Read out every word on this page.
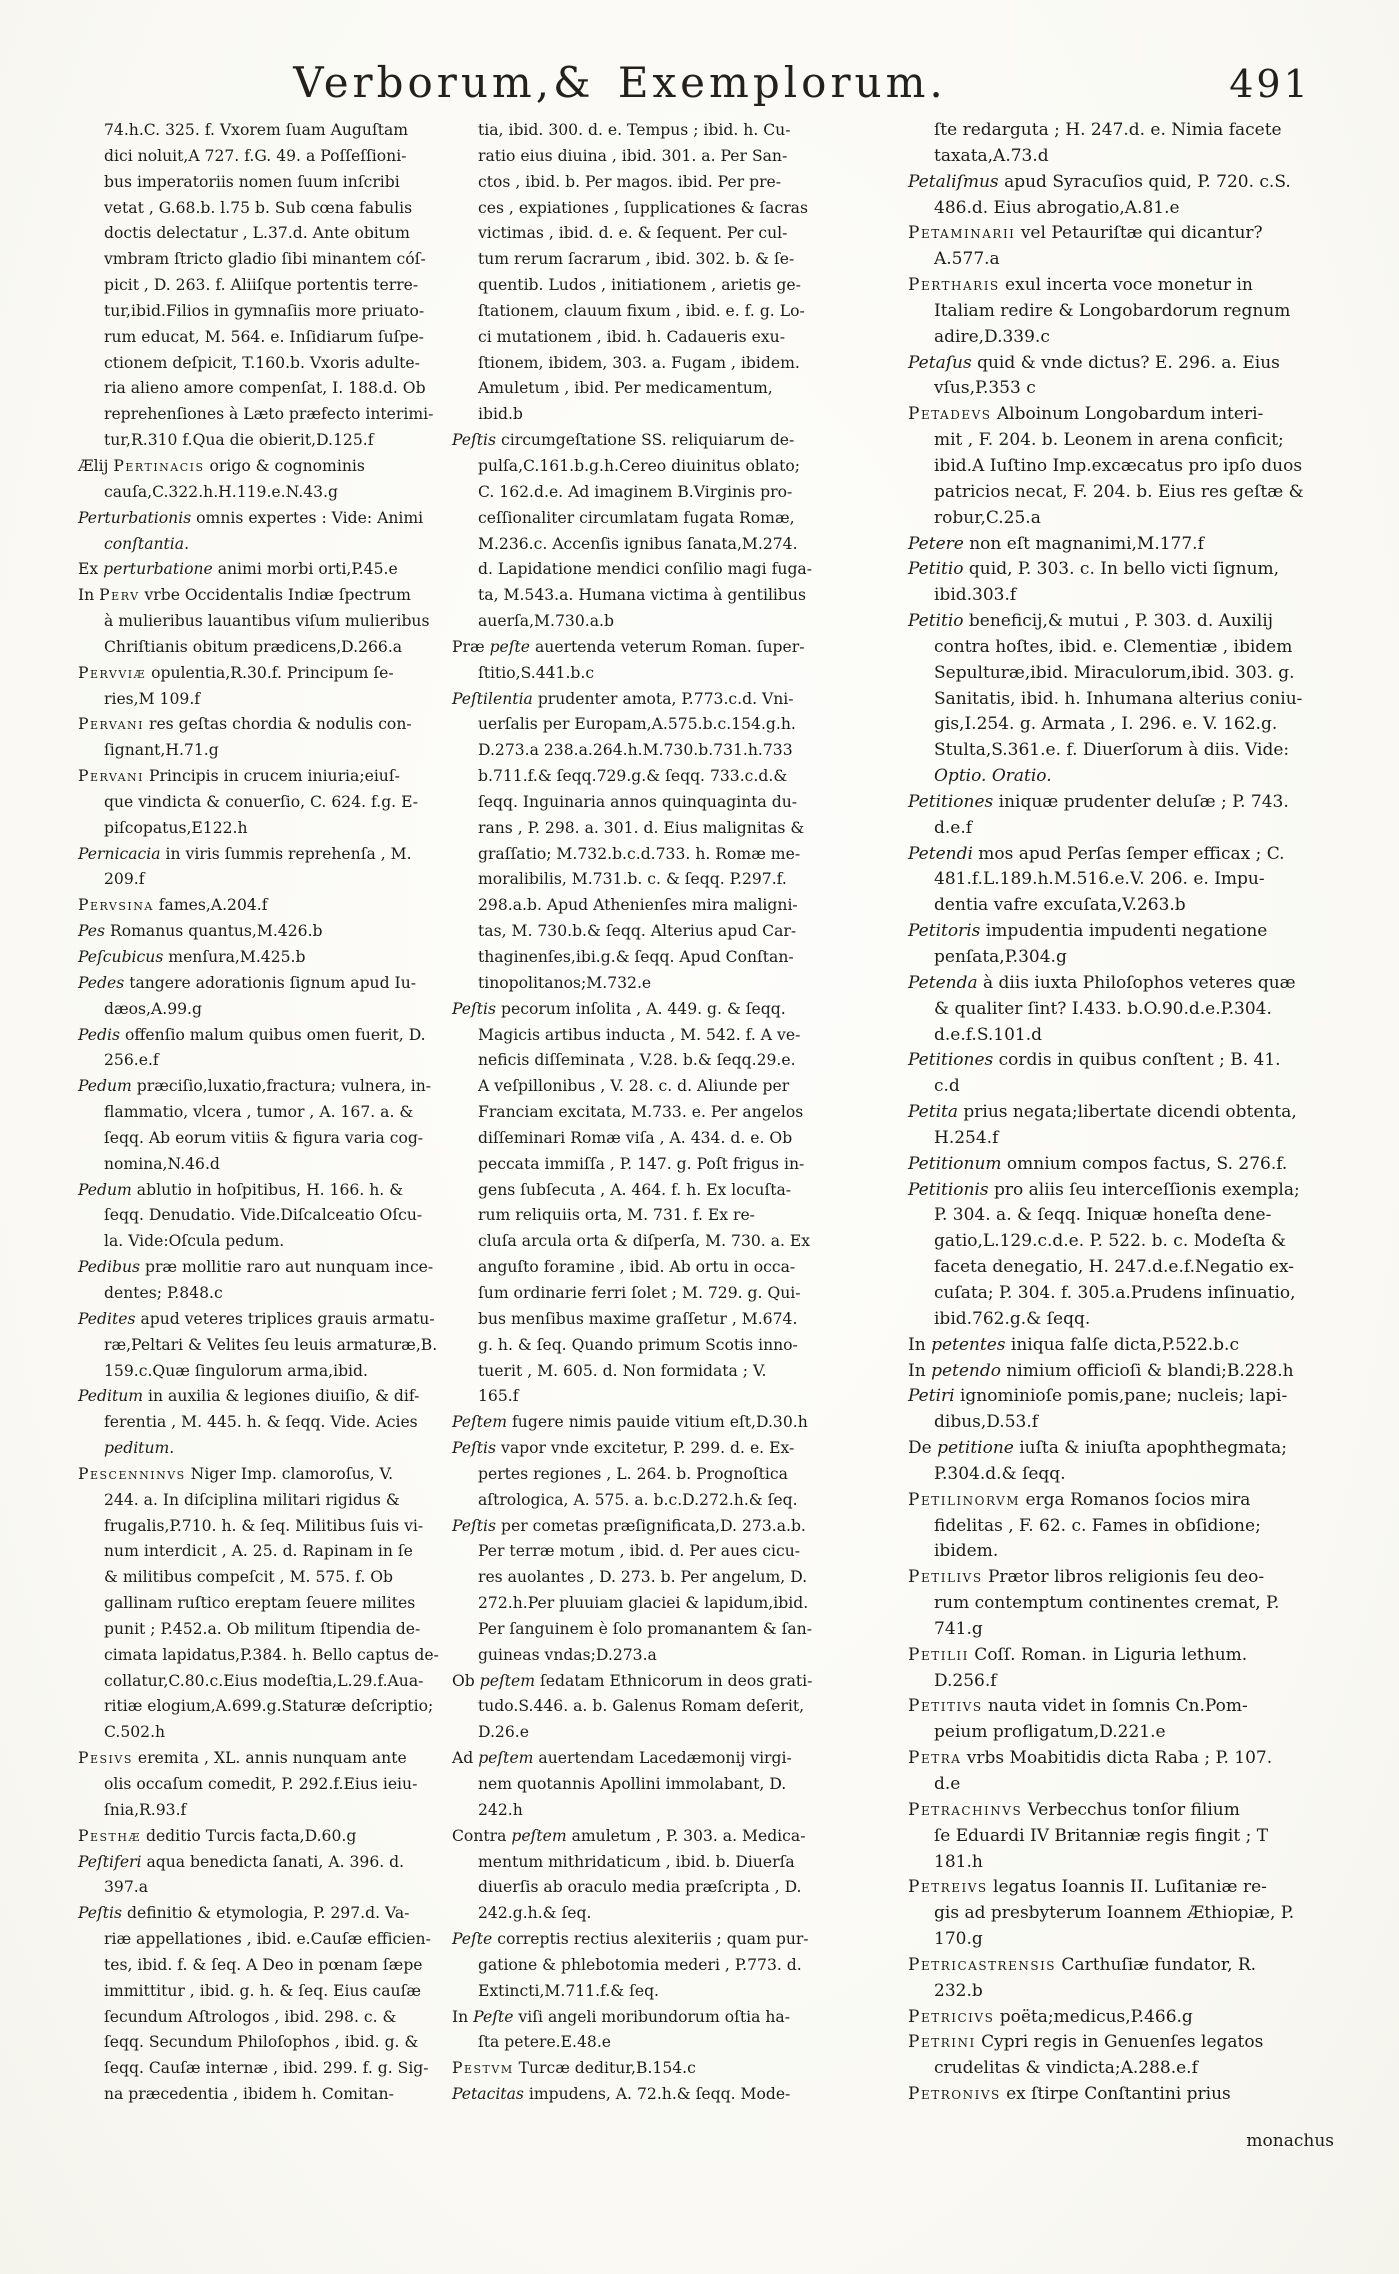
Verborum,& Exemplorum.	491
74.h.C. 325. f. Vxorem ſuam Auguſtam
dici noluit,A 727. f.G. 49. a Poſſeſſioni-
bus imperatoriis nomen ſuum inſcribi
vetat , G.68.b. l.75 b. Sub cœna fabulis
doctis delectatur , L.37.d. Ante obitum
vmbram ſtricto gladio ſibi minantem cóſ-
picit , D. 263. f. Aliiſque portentis terre-
tur,ibid.Filios in gymnaſiis more priuato-
rum educat, M. 564. e. Inſidiarum ſuſpe-
ctionem deſpicit, T.160.b. Vxoris adulte-
ria alieno amore compenſat, I. 188.d. Ob
reprehenſiones à Læto præfecto interimi-
tur,R.310 f.Qua die obierit,D.125.f
Ælij Pertinacis origo & cognominis
cauſa,C.322.h.H.119.e.N.43.g
Perturbationis omnis expertes : Vide: Animi
conſtantia.
Ex perturbatione animi morbi orti,P.45.e
In Perv vrbe Occidentalis Indiæ ſpectrum
à mulieribus lauantibus viſum mulieribus
Chriſtianis obitum prædicens,D.266.a
Pervviæ opulentia,R.30.f. Principum ſe-
ries,M 109.f
Pervani res geſtas chordia & nodulis con-
ſignant,H.71.g
Pervani Principis in crucem iniuria;eiuſ-
que vindicta & conuerſio, C. 624. f.g. E-
piſcopatus,E122.h
Pernicacia in viris ſummis reprehenſa , M.
209.f
Pervsina fames,A.204.f
Pes Romanus quantus,M.426.b
Peſcubicus menſura,M.425.b
Pedes tangere adorationis ſignum apud Iu-
dæos,A.99.g
Pedis offenſio malum quibus omen fuerit, D.
256.e.f
Pedum præciſio,luxatio,fractura; vulnera, in-
flammatio, vlcera , tumor , A. 167. a. &
ſeqq. Ab eorum vitiis & figura varia cog-
nomina,N.46.d
Pedum ablutio in hoſpitibus, H. 166. h. &
ſeqq. Denudatio. Vide.Diſcalceatio Oſcu-
la. Vide:Oſcula pedum.
Pedibus præ mollitie raro aut nunquam ince-
dentes; P.848.c
Pedites apud veteres triplices grauis armatu-
ræ,Peltari & Velites ſeu leuis armaturæ,B.
159.c.Quæ ſingulorum arma,ibid.
Peditum in auxilia & legiones diuiſio, & dif-
ferentia , M. 445. h. & ſeqq. Vide. Acies
peditum.
Pescenninvs Niger Imp. clamoroſus, V.
244. a. In diſciplina militari rigidus &
frugalis,P.710. h. & ſeq. Militibus ſuis vi-
num interdicit , A. 25. d. Rapinam in ſe
& militibus compeſcit , M. 575. f. Ob
gallinam ruſtico ereptam ſeuere milites
punit ; P.452.a. Ob militum ſtipendia de-
cimata lapidatus,P.384. h. Bello captus de-
collatur,C.80.c.Eius modeſtia,L.29.f.Aua-
ritiæ elogium,A.699.g.Staturæ deſcriptio;
C.502.h
Pesivs eremita , XL. annis nunquam ante
olis occaſum comedit, P. 292.f.Eius ieiu-
ſnia,R.93.f
Pesthæ deditio Turcis facta,D.60.g
Peſtiferi aqua benedicta ſanati, A. 396. d.
397.a
Peſtis definitio & etymologia, P. 297.d. Va-
riæ appellationes , ibid. e.Cauſæ efficien-
tes, ibid. f. & ſeq. A Deo in pœnam ſæpe
immittitur , ibid. g. h. & ſeq. Eius cauſæ
ſecundum Aſtrologos , ibid. 298. c. &
ſeqq. Secundum Philoſophos , ibid. g. &
ſeqq. Cauſæ internæ , ibid. 299. f. g. Sig-
na præcedentia , ibidem h. Comitan-
tia, ibid. 300. d. e. Tempus ; ibid. h. Cu-
ratio eius diuina , ibid. 301. a. Per San-
ctos , ibid. b. Per magos. ibid. Per pre-
ces , expiationes , ſupplicationes & ſacras
victimas , ibid. d. e. & ſequent. Per cul-
tum rerum ſacrarum , ibid. 302. b. & ſe-
quentib. Ludos , initiationem , arietis ge-
ſtationem, clauum fixum , ibid. e. f. g. Lo-
ci mutationem , ibid. h. Cadaueris exu-
ſtionem, ibidem, 303. a. Fugam , ibidem.
Amuletum , ibid. Per medicamentum,
ibid.b
Peſtis circumgeſtatione SS. reliquiarum de-
pulſa,C.161.b.g.h.Cereo diuinitus oblato;
C. 162.d.e. Ad imaginem B.Virginis pro-
ceſſionaliter circumlatam fugata Romæ,
M.236.c. Accenſis ignibus ſanata,M.274.
d. Lapidatione mendici conſilio magi fuga-
ta, M.543.a. Humana victima à gentilibus
auerſa,M.730.a.b
Præ peſte auertenda veterum Roman. ſuper-
ſtitio,S.441.b.c
Peſtilentia prudenter amota, P.773.c.d. Vni-
uerſalis per Europam,A.575.b.c.154.g.h.
D.273.a 238.a.264.h.M.730.b.731.h.733
b.711.f.& ſeqq.729.g.& ſeqq. 733.c.d.&
ſeqq. Inguinaria annos quinquaginta du-
rans , P. 298. a. 301. d. Eius malignitas &
graſſatio; M.732.b.c.d.733. h. Romæ me-
moralibilis, M.731.b. c. & ſeqq. P.297.f.
298.a.b. Apud Athenienſes mira maligni-
tas, M. 730.b.& ſeqq. Alterius apud Car-
thaginenſes,ibi.g.& ſeqq. Apud Conſtan-
tinopolitanos;M.732.e
Peſtis pecorum inſolita , A. 449. g. & ſeqq.
Magicis artibus inducta , M. 542. f. A ve-
neficis diſſeminata , V.28. b.& ſeqq.29.e.
A veſpillonibus , V. 28. c. d. Aliunde per
Franciam excitata, M.733. e. Per angelos
diſſeminari Romæ viſa , A. 434. d. e. Ob
peccata immiſſa , P. 147. g. Poſt frigus in-
gens ſubſecuta , A. 464. f. h. Ex locuſta-
rum reliquiis orta, M. 731. f. Ex re-
cluſa arcula orta & diſperſa, M. 730. a. Ex
anguſto foramine , ibid. Ab ortu in occa-
ſum ordinarie ferri ſolet ; M. 729. g. Qui-
bus menſibus maxime graſſetur , M.674.
g. h. & ſeq. Quando primum Scotis inno-
tuerit , M. 605. d. Non formidata ; V.
165.f
Peſtem fugere nimis pauide vitium eſt,D.30.h
Peſtis vapor vnde excitetur, P. 299. d. e. Ex-
pertes regiones , L. 264. b. Prognoſtica
aſtrologica, A. 575. a. b.c.D.272.h.& ſeq.
Peſtis per cometas præſignificata,D. 273.a.b.
Per terræ motum , ibid. d. Per aues cicu-
res auolantes , D. 273. b. Per angelum, D.
272.h.Per pluuiam glaciei & lapidum,ibid.
Per ſanguinem è ſolo promanantem & ſan-
guineas vndas;D.273.a
Ob peſtem ſedatam Ethnicorum in deos grati-
tudo.S.446. a. b. Galenus Romam deſerit,
D.26.e
Ad peſtem auertendam Lacedæmonij virgi-
nem quotannis Apollini immolabant, D.
242.h
Contra peſtem amuletum , P. 303. a. Medica-
mentum mithridaticum , ibid. b. Diuerſa
diuerſis ab oraculo media præſcripta , D.
242.g.h.& ſeq.
Peſte correptis rectius alexiteriis ; quam pur-
gatione & phlebotomia mederi , P.773. d.
Extincti,M.711.f.& ſeq.
In Peſte viſi angeli moribundorum oſtia ha-
ſta petere.E.48.e
Pestvm Turcæ deditur,B.154.c
Petacitas impudens, A. 72.h.& ſeqq. Mode-
ſte redarguta ; H. 247.d. e. Nimia facete
taxata,A.73.d
Petaliſmus apud Syracuſios quid, P. 720. c.S.
486.d. Eius abrogatio,A.81.e
Petaminarii vel Petauriſtæ qui dicantur?
A.577.a
Pertharis exul incerta voce monetur in
Italiam redire & Longobardorum regnum
adire,D.339.c
Petaſus quid & vnde dictus? E. 296. a. Eius
vſus,P.353 c
Petadevs Alboinum Longobardum interi-
mit , F. 204. b. Leonem in arena conficit;
ibid.A Iuſtino Imp.excæcatus pro ipſo duos
patricios necat, F. 204. b. Eius res geſtæ &
robur,C.25.a
Petere non eſt magnanimi,M.177.f
Petitio quid, P. 303. c. In bello victi ſignum,
ibid.303.f
Petitio beneficij,& mutui , P. 303. d. Auxilij
contra hoſtes, ibid. e. Clementiæ , ibidem
Sepulturæ,ibid. Miraculorum,ibid. 303. g.
Sanitatis, ibid. h. Inhumana alterius coniu-
gis,I.254. g. Armata , I. 296. e. V. 162.g.
Stulta,S.361.e. f. Diuerſorum à diis. Vide:
Optio. Oratio.
Petitiones iniquæ prudenter deluſæ ; P. 743.
d.e.f
Petendi mos apud Perſas ſemper efficax ; C.
481.f.L.189.h.M.516.e.V. 206. e. Impu-
dentia vafre excuſata,V.263.b
Petitoris impudentia impudenti negatione
penſata,P.304.g
Petenda à diis iuxta Philoſophos veteres quæ
& qualiter ſint? I.433. b.O.90.d.e.P.304.
d.e.f.S.101.d
Petitiones cordis in quibus conſtent ; B. 41.
c.d
Petita prius negata;libertate dicendi obtenta,
H.254.f
Petitionum omnium compos factus, S. 276.f.
Petitionis pro aliis ſeu interceſſionis exempla;
P. 304. a. & ſeqq. Iniquæ honeſta dene-
gatio,L.129.c.d.e. P. 522. b. c. Modeſta &
faceta denegatio, H. 247.d.e.f.Negatio ex-
cuſata; P. 304. f. 305.a.Prudens inſinuatio,
ibid.762.g.& ſeqq.
In petentes iniqua falſe dicta,P.522.b.c
In petendo nimium officioſi & blandi;B.228.h
Petiri ignominioſe pomis,pane; nucleis; lapi-
dibus,D.53.f
De petitione iuſta & iniuſta apophthegmata;
P.304.d.& ſeqq.
Petilinorvm erga Romanos ſocios mira
fidelitas , F. 62. c. Fames in obſidione;
ibidem.
Petilivs Prætor libros religionis ſeu deo-
rum contemptum continentes cremat, P.
741.g
Petilii Coſſ. Roman. in Liguria lethum.
D.256.f
Petitivs nauta videt in ſomnis Cn.Pom-
peium profligatum,D.221.e
Petra vrbs Moabitidis dicta Raba ; P. 107.
d.e
Petrachinvs Verbecchus tonſor filium
ſe Eduardi IV Britanniæ regis fingit ; T
181.h
Petreivs legatus Ioannis II. Luſitaniæ re-
gis ad presbyterum Ioannem Æthiopiæ, P.
170.g
Petricastrensis Carthuſiæ fundator, R.
232.b
Petricivs poëta;medicus,P.466.g
Petrini Cypri regis in Genuenſes legatos
crudelitas & vindicta;A.288.e.f
Petronivs ex ſtirpe Conſtantini prius
monachus
